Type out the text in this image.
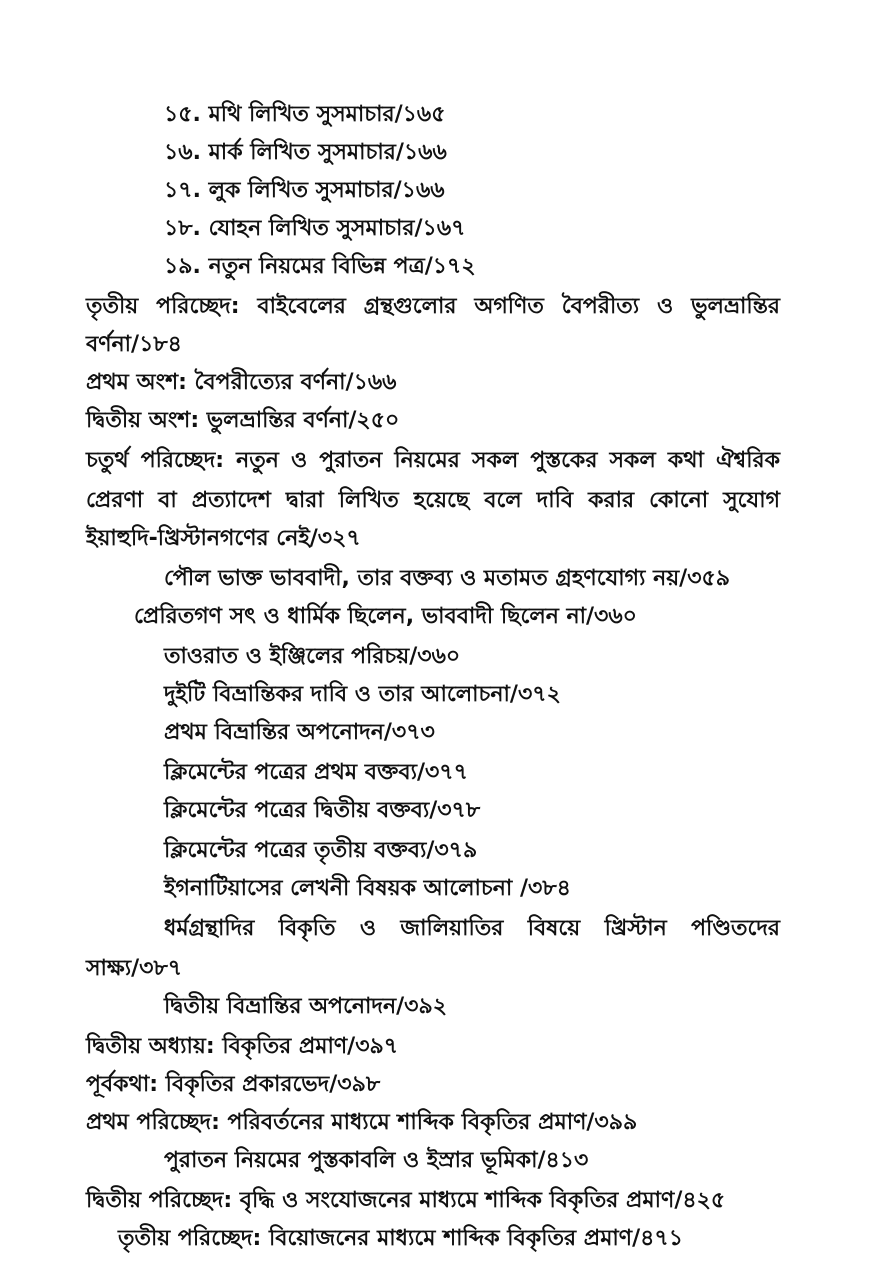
১৫. মথি লিখিত সুসমাচার/১৬৫
১৬. মার্ক লিখিত সুসমাচার/১৬৬
১৭. লুক লিখিত সুসমাচার/১৬৬
১৮. যোহন লিখিত সুসমাচার/১৬৭
১৯. নতুন নিয়মের বিভিন্ন পত্র/১৭২
তৃতীয় পরিচ্ছেদ: বাইবেলের গ্রন্থগুলোর অগণিত বৈপরীত্য ও ভুলভ্রান্তির
বর্ণনা/১৮৪
প্রথম অংশ: বৈপরীত্যের বর্ণনা/১৬৬
দ্বিতীয় অংশ: ভুলভ্রান্তির বর্ণনা/২৫০
চতুর্থ পরিচ্ছেদ: নতুন ও পুরাতন নিয়মের সকল পুস্তকের সকল কথা ঐশ্বরিক
প্রেরণা বা প্রত্যাদেশ দ্বারা লিখিত হয়েছে বলে দাবি করার কোনো সুযোগ
ইয়াহুদি-খ্রিস্টানগণের নেই/৩২৭
পৌল ভাক্ত ভাববাদী, তার বক্তব্য ও মতামত গ্রহণযোগ্য নয়/৩৫৯
প্রেরিতগণ সৎ ও ধার্মিক ছিলেন, ভাববাদী ছিলেন না/৩৬০
তাওরাত ও ইঞ্জিলের পরিচয়/৩৬০
দুইটি বিভ্রান্তিকর দাবি ও তার আলোচনা/৩৭২
প্রথম বিভ্রান্তির অপনোদন/৩৭৩
ক্লিমেন্টের পত্রের প্রথম বক্তব্য/৩৭৭
ক্লিমেন্টের পত্রের দ্বিতীয় বক্তব্য/৩৭৮
ক্লিমেন্টের পত্রের তৃতীয় বক্তব্য/৩৭৯
ইগনাটিয়াসের লেখনী বিষয়ক আলোচনা /৩৮৪
ধর্মগ্রন্থাদির বিকৃতি ও জালিয়াতির বিষয়ে খ্রিস্টান পণ্ডিতদের
সাক্ষ্য/৩৮৭
দ্বিতীয় বিভ্রান্তির অপনোদন/৩৯২
দ্বিতীয় অধ্যায়: বিকৃতির প্রমাণ/৩৯৭
পূর্বকথা: বিকৃতির প্রকারভেদ/৩৯৮
প্রথম পরিচ্ছেদ: পরিবর্তনের মাধ্যমে শাব্দিক বিকৃতির প্রমাণ/৩৯৯
পুরাতন নিয়মের পুস্তকাবলি ও ইস্রার ভূমিকা/৪১৩
দ্বিতীয় পরিচ্ছেদ: বৃদ্ধি ও সংযোজনের মাধ্যমে শাব্দিক বিকৃতির প্রমাণ/৪২৫
তৃতীয় পরিচ্ছেদ: বিয়োজনের মাধ্যমে শাব্দিক বিকৃতির প্রমাণ/৪৭১
